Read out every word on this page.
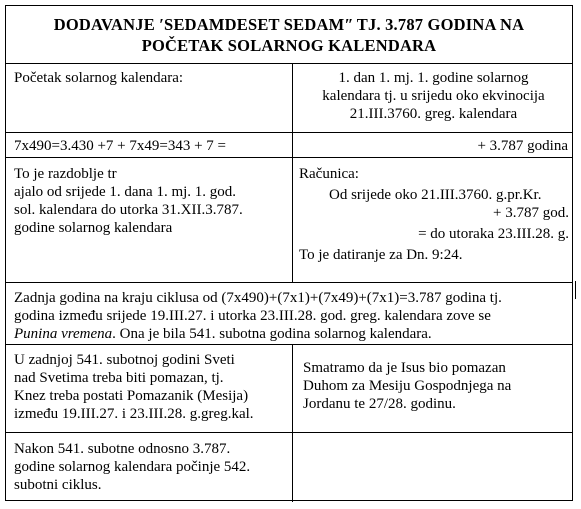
DODAVANJE ʹSEDAMDESET SEDAMʺ TJ. 3.787 GODINA NA
POČETAK SOLARNOG KALENDARA
Početak solarnog kalendara:	1. dan 1. mj. 1. godine solarnog
kalendara tj. u srijedu oko ekvinocija
21.III.3760. greg. kalendara
7x490=3.430 +7 + 7x49=343 + 7 =	+ 3.787 godina
To je razdoblje tr
ajalo od srijede 1. dana 1. mj. 1. god.
sol. kalendara do utorka 31.XII.3.787.
godine solarnog kalendara
Računica:
Od srijede oko 21.III.3760. g.pr.Kr.
+ 3.787 god.
= do utoraka 23.III.28. g.
To je datiranje za Dn. 9:24.
Zadnja godina na kraju ciklusa od (7x490)+(7x1)+(7x49)+(7x1)=3.787 godina tj.
godina između srijede 19.III.27. i utorka 23.III.28. god. greg. kalendara zove se
Punina vremena. Ona je bila 541. subotna godina solarnog kalendara.
U zadnjoj 541. subotnoj godini Sveti
nad Svetima treba biti pomazan, tj.
Knez treba postati Pomazanik (Mesija)
između 19.III.27. i 23.III.28. g.greg.kal.
Smatramo da je Isus bio pomazan
Duhom za Mesiju Gospodnjega na
Jordanu te 27/28. godinu.
Nakon 541. subotne odnosno 3.787.
godine solarnog kalendara počinje 542.
subotni ciklus.
